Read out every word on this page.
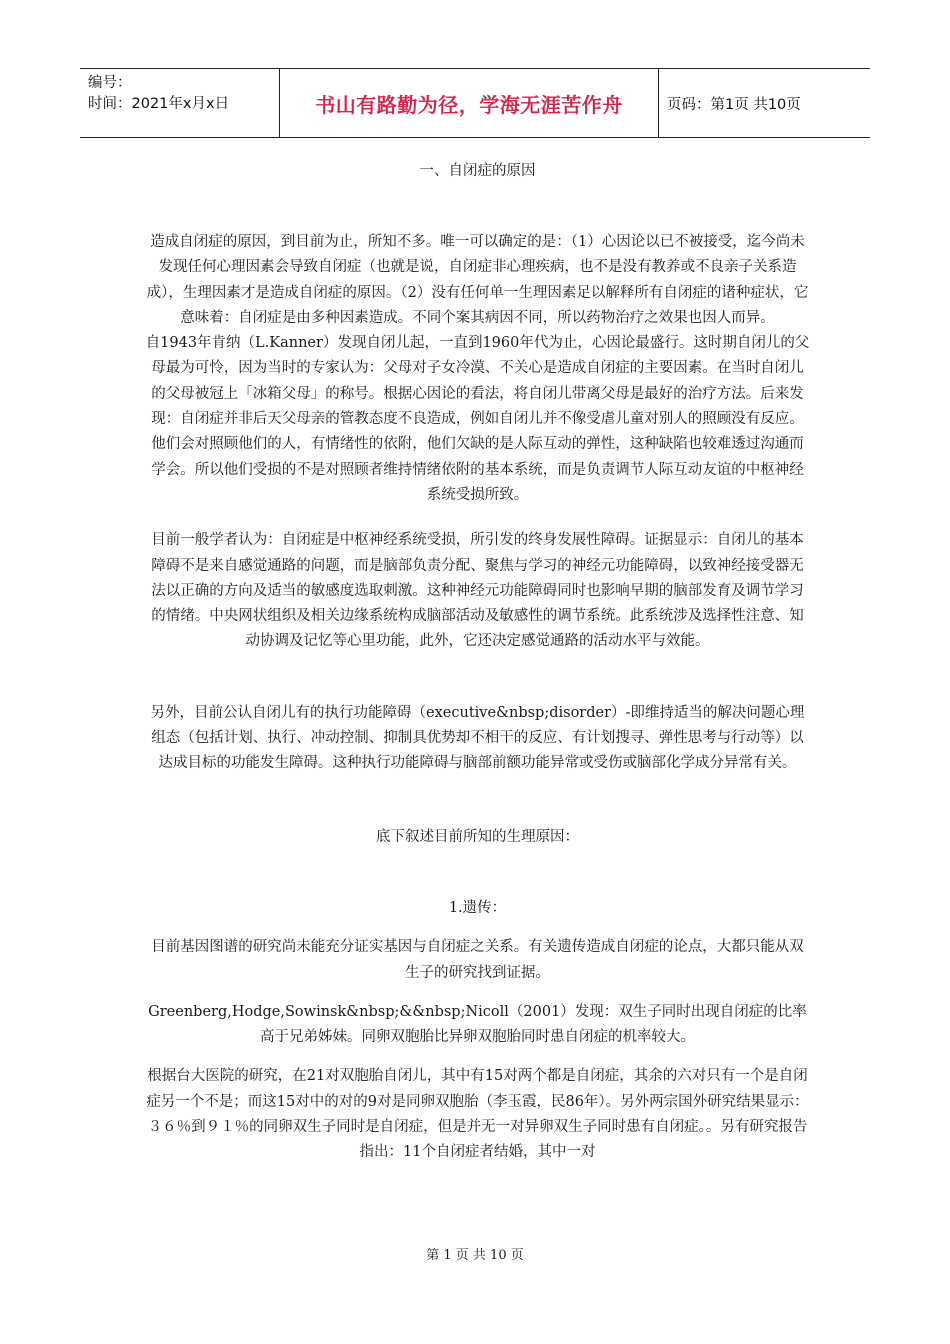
编号：
时间：2021年x月x日	书山有路勤为径，学海无涯苦作舟	页码：第1页 共10页
一、自闭症的原因

造成自闭症的原因，到目前为止，所知不多。唯一可以确定的是：（1）心因论以已不被接受，迄今尚未发现任何心理因素会导致自闭症（也就是说，自闭症非心理疾病，也不是没有教养或不良亲子关系造成），生理因素才是造成自闭症的原因。（2）没有任何单一生理因素足以解释所有自闭症的诸种症状，它意味着：自闭症是由多种因素造成。不同个案其病因不同，所以药物治疗之效果也因人而异。

自1943年肯纳（L.Kanner）发现自闭儿起，一直到1960年代为止，心因论最盛行。这时期自闭儿的父母最为可怜，因为当时的专家认为：父母对子女冷漠、不关心是造成自闭症的主要因素。在当时自闭儿的父母被冠上「冰箱父母」的称号。根据心因论的看法，将自闭儿带离父母是最好的治疗方法。后来发现：自闭症并非后天父母亲的管教态度不良造成，例如自闭儿并不像受虐儿童对别人的照顾没有反应。他们会对照顾他们的人，有情绪性的依附，他们欠缺的是人际互动的弹性，这种缺陷也较难透过沟通而学会。所以他们受损的不是对照顾者维持情绪依附的基本系统，而是负责调节人际互动友谊的中枢神经系统受损所致。

目前一般学者认为：自闭症是中枢神经系统受损，所引发的终身发展性障碍。证据显示：自闭儿的基本障碍不是来自感觉通路的问题，而是脑部负责分配、聚焦与学习的神经元功能障碍，以致神经接受器无法以正确的方向及适当的敏感度选取刺激。这种神经元功能障碍同时也影响早期的脑部发育及调节学习的情绪。中央网状组织及相关边缘系统构成脑部活动及敏感性的调节系统。此系统涉及选择性注意、知动协调及记忆等心里功能，此外，它还决定感觉通路的活动水平与效能。

另外，目前公认自闭儿有的执行功能障碍（executive&nbsp;disorder）-即维持适当的解决问题心理组态（包括计划、执行、冲动控制、抑制具优势却不相干的反应、有计划搜寻、弹性思考与行动等）以达成目标的功能发生障碍。这种执行功能障碍与脑部前额功能异常或受伤或脑部化学成分异常有关。

底下叙述目前所知的生理原因：

1.遗传：

目前基因图谱的研究尚未能充分证实基因与自闭症之关系。有关遗传造成自闭症的论点，大都只能从双生子的研究找到证据。

Greenberg,Hodge,Sowinsk&nbsp;&&nbsp;Nicoll（2001）发现：双生子同时出现自闭症的比率高于兄弟姊妹。同卵双胞胎比异卵双胞胎同时患自闭症的机率较大。

根据台大医院的研究，在21对双胞胎自闭儿，其中有15对两个都是自闭症，其余的六对只有一个是自闭症另一个不是；而这15对中的对的9对是同卵双胞胎（李玉霞，民86年）。另外两宗国外研究结果显示：３６％到９１％的同卵双生子同时是自闭症，但是并无一对异卵双生子同时患有自闭症。。另有研究报告指出：11个自闭症者结婚，其中一对

第 1 页 共 10 页
